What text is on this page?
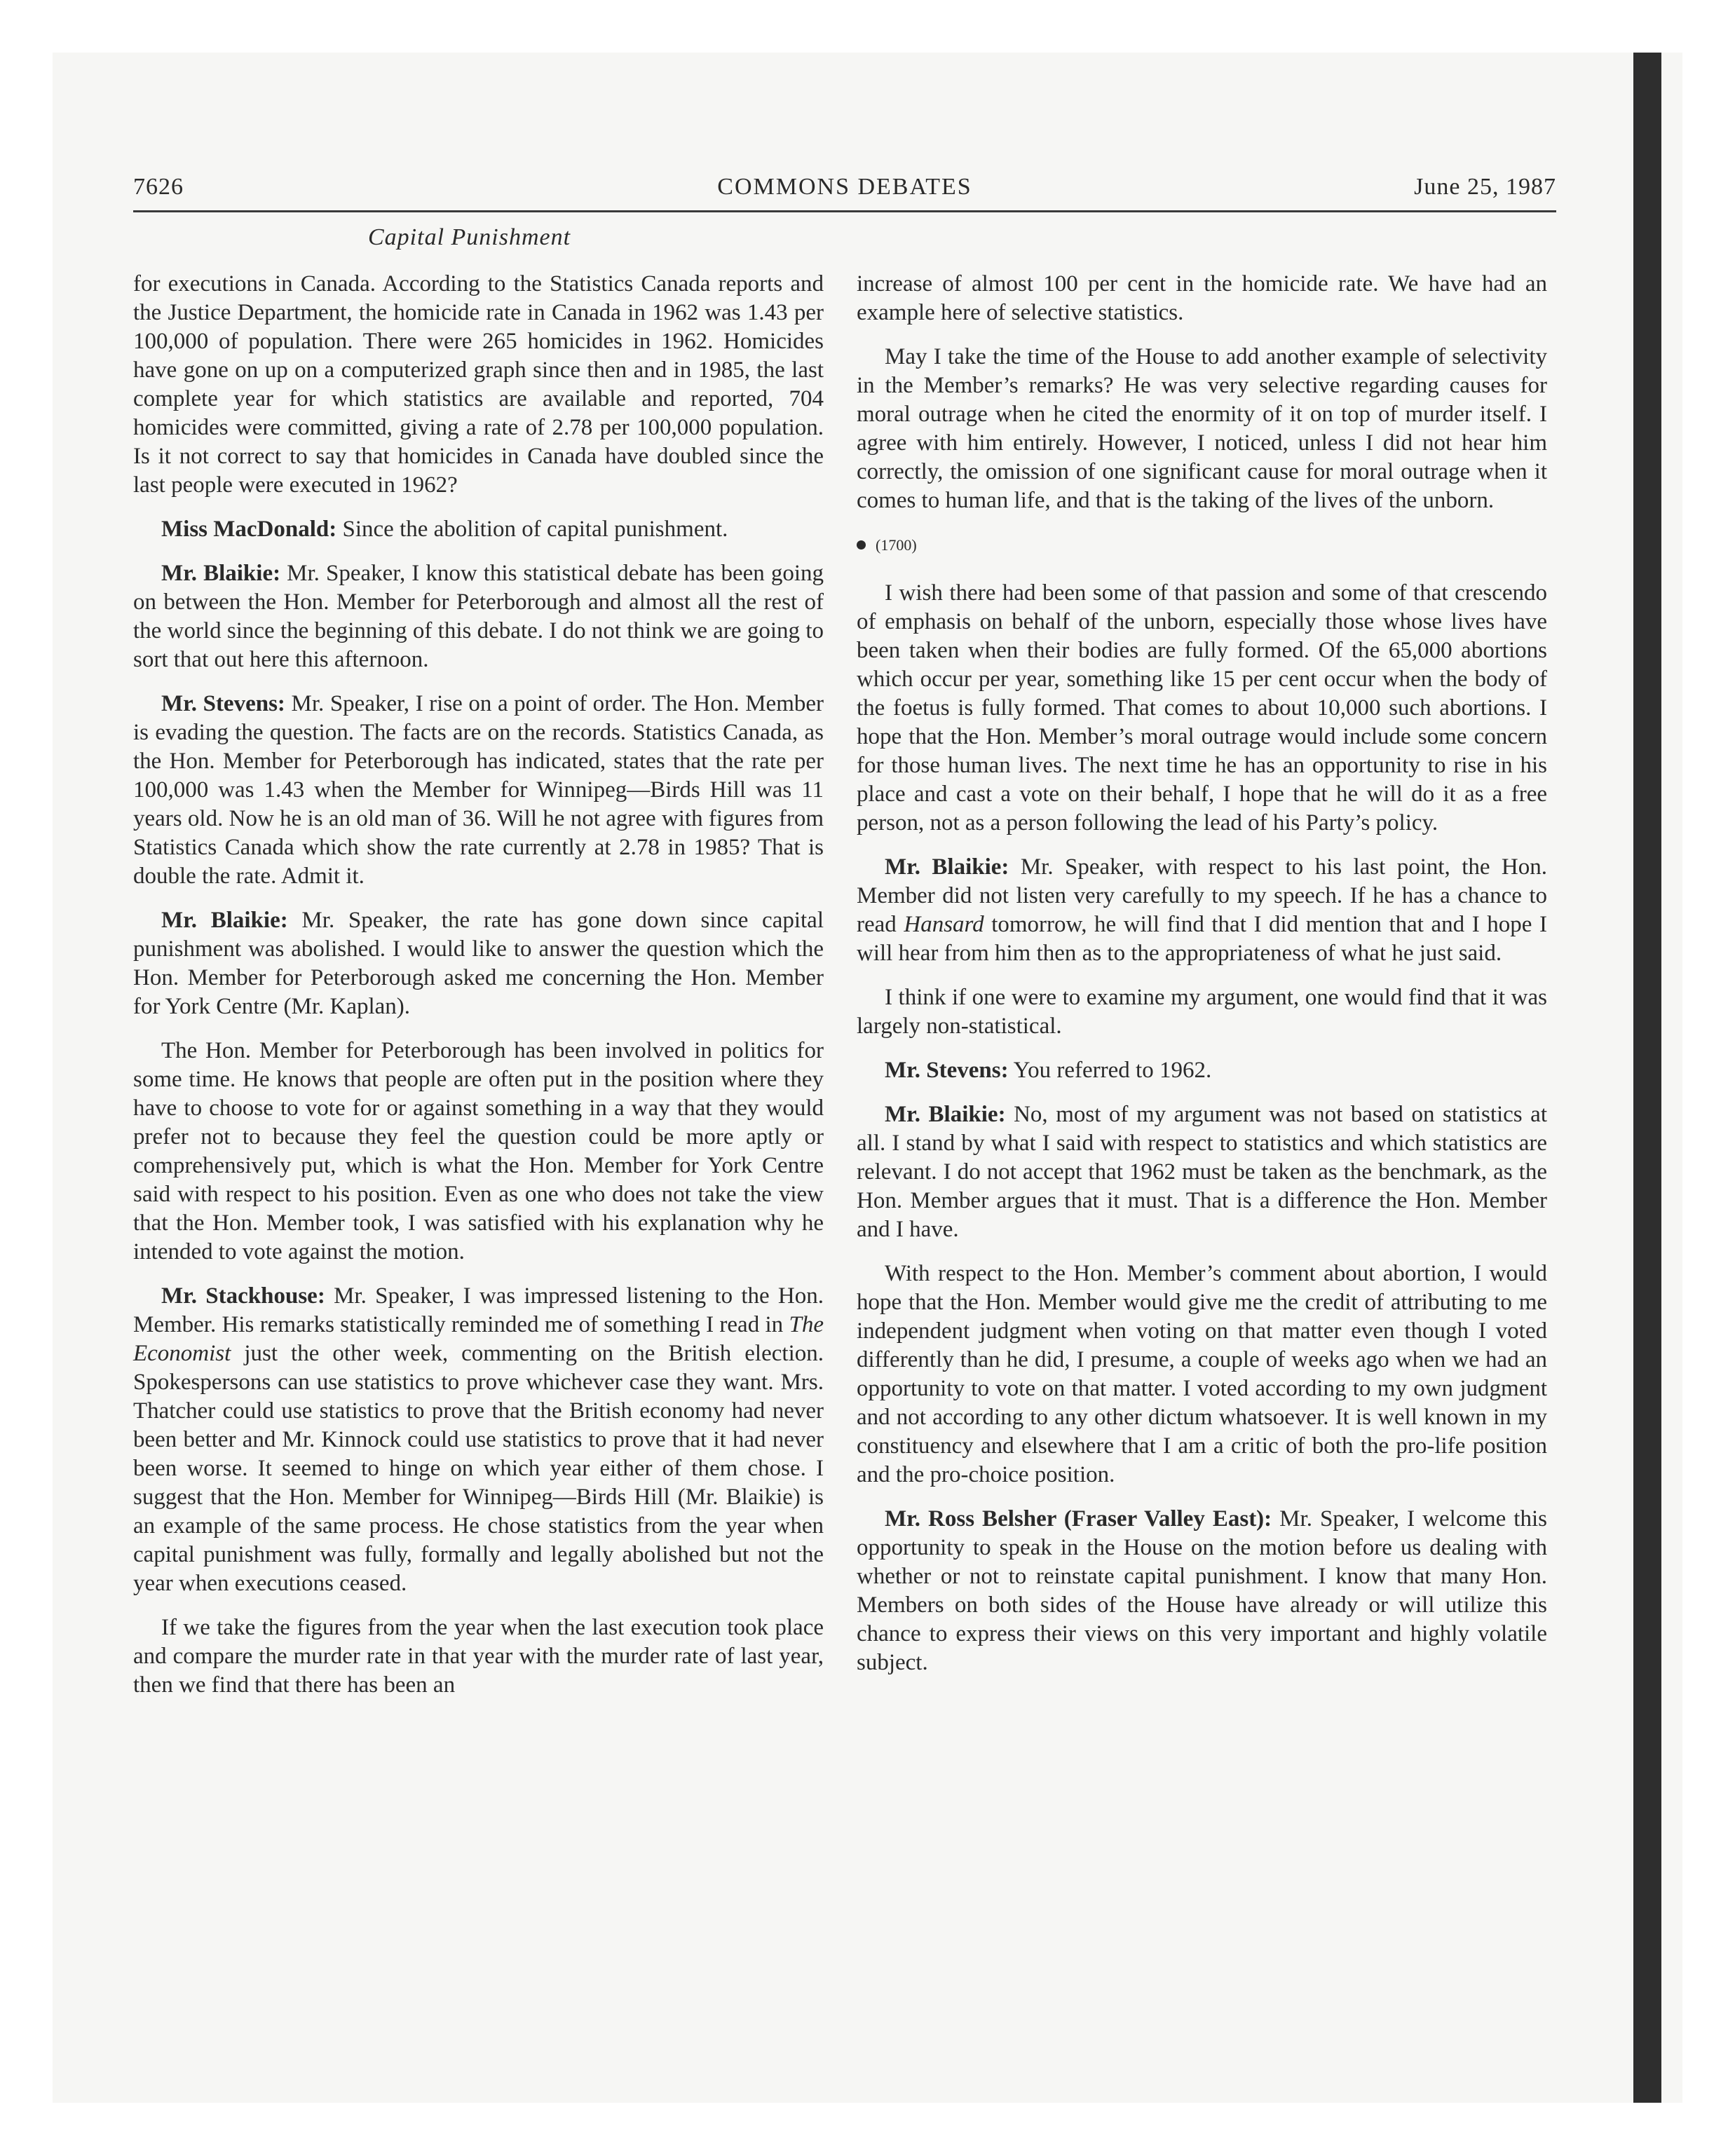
7626	COMMONS DEBATES	June 25, 1987
Capital Punishment

for executions in Canada. According to the Statistics Canada reports and the Justice Department, the homicide rate in Canada in 1962 was 1.43 per 100,000 of population. There were 265 homicides in 1962. Homicides have gone on up on a computerized graph since then and in 1985, the last complete year for which statistics are available and reported, 704 homicides were committed, giving a rate of 2.78 per 100,000 population. Is it not correct to say that homicides in Canada have doubled since the last people were executed in 1962?

Miss MacDonald: Since the abolition of capital punishment.

Mr. Blaikie: Mr. Speaker, I know this statistical debate has been going on between the Hon. Member for Peterborough and almost all the rest of the world since the beginning of this debate. I do not think we are going to sort that out here this afternoon.

Mr. Stevens: Mr. Speaker, I rise on a point of order. The Hon. Member is evading the question. The facts are on the records. Statistics Canada, as the Hon. Member for Peterborough has indicated, states that the rate per 100,000 was 1.43 when the Member for Winnipeg—Birds Hill was 11 years old. Now he is an old man of 36. Will he not agree with figures from Statistics Canada which show the rate currently at 2.78 in 1985? That is double the rate. Admit it.

Mr. Blaikie: Mr. Speaker, the rate has gone down since capital punishment was abolished. I would like to answer the question which the Hon. Member for Peterborough asked me concerning the Hon. Member for York Centre (Mr. Kaplan).

The Hon. Member for Peterborough has been involved in politics for some time. He knows that people are often put in the position where they have to choose to vote for or against something in a way that they would prefer not to because they feel the question could be more aptly or comprehensively put, which is what the Hon. Member for York Centre said with respect to his position. Even as one who does not take the view that the Hon. Member took, I was satisfied with his explanation why he intended to vote against the motion.

Mr. Stackhouse: Mr. Speaker, I was impressed listening to the Hon. Member. His remarks statistically reminded me of something I read in The Economist just the other week, commenting on the British election. Spokespersons can use statistics to prove whichever case they want. Mrs. Thatcher could use statistics to prove that the British economy had never been better and Mr. Kinnock could use statistics to prove that it had never been worse. It seemed to hinge on which year either of them chose. I suggest that the Hon. Member for Winnipeg—Birds Hill (Mr. Blaikie) is an example of the same process. He chose statistics from the year when capital punishment was fully, formally and legally abolished but not the year when executions ceased.

If we take the figures from the year when the last execution took place and compare the murder rate in that year with the murder rate of last year, then we find that there has been an

increase of almost 100 per cent in the homicide rate. We have had an example here of selective statistics.

May I take the time of the House to add another example of selectivity in the Member’s remarks? He was very selective regarding causes for moral outrage when he cited the enormity of it on top of murder itself. I agree with him entirely. However, I noticed, unless I did not hear him correctly, the omission of one significant cause for moral outrage when it comes to human life, and that is the taking of the lives of the unborn.

(1700)

I wish there had been some of that passion and some of that crescendo of emphasis on behalf of the unborn, especially those whose lives have been taken when their bodies are fully formed. Of the 65,000 abortions which occur per year, something like 15 per cent occur when the body of the foetus is fully formed. That comes to about 10,000 such abortions. I hope that the Hon. Member’s moral outrage would include some concern for those human lives. The next time he has an opportunity to rise in his place and cast a vote on their behalf, I hope that he will do it as a free person, not as a person following the lead of his Party’s policy.

Mr. Blaikie: Mr. Speaker, with respect to his last point, the Hon. Member did not listen very carefully to my speech. If he has a chance to read Hansard tomorrow, he will find that I did mention that and I hope I will hear from him then as to the appropriateness of what he just said.

I think if one were to examine my argument, one would find that it was largely non-statistical.

Mr. Stevens: You referred to 1962.

Mr. Blaikie: No, most of my argument was not based on statistics at all. I stand by what I said with respect to statistics and which statistics are relevant. I do not accept that 1962 must be taken as the benchmark, as the Hon. Member argues that it must. That is a difference the Hon. Member and I have.

With respect to the Hon. Member’s comment about abortion, I would hope that the Hon. Member would give me the credit of attributing to me independent judgment when voting on that matter even though I voted differently than he did, I presume, a couple of weeks ago when we had an opportunity to vote on that matter. I voted according to my own judgment and not according to any other dictum whatsoever. It is well known in my constituency and elsewhere that I am a critic of both the pro-life position and the pro-choice position.

Mr. Ross Belsher (Fraser Valley East): Mr. Speaker, I welcome this opportunity to speak in the House on the motion before us dealing with whether or not to reinstate capital punishment. I know that many Hon. Members on both sides of the House have already or will utilize this chance to express their views on this very important and highly volatile subject.
